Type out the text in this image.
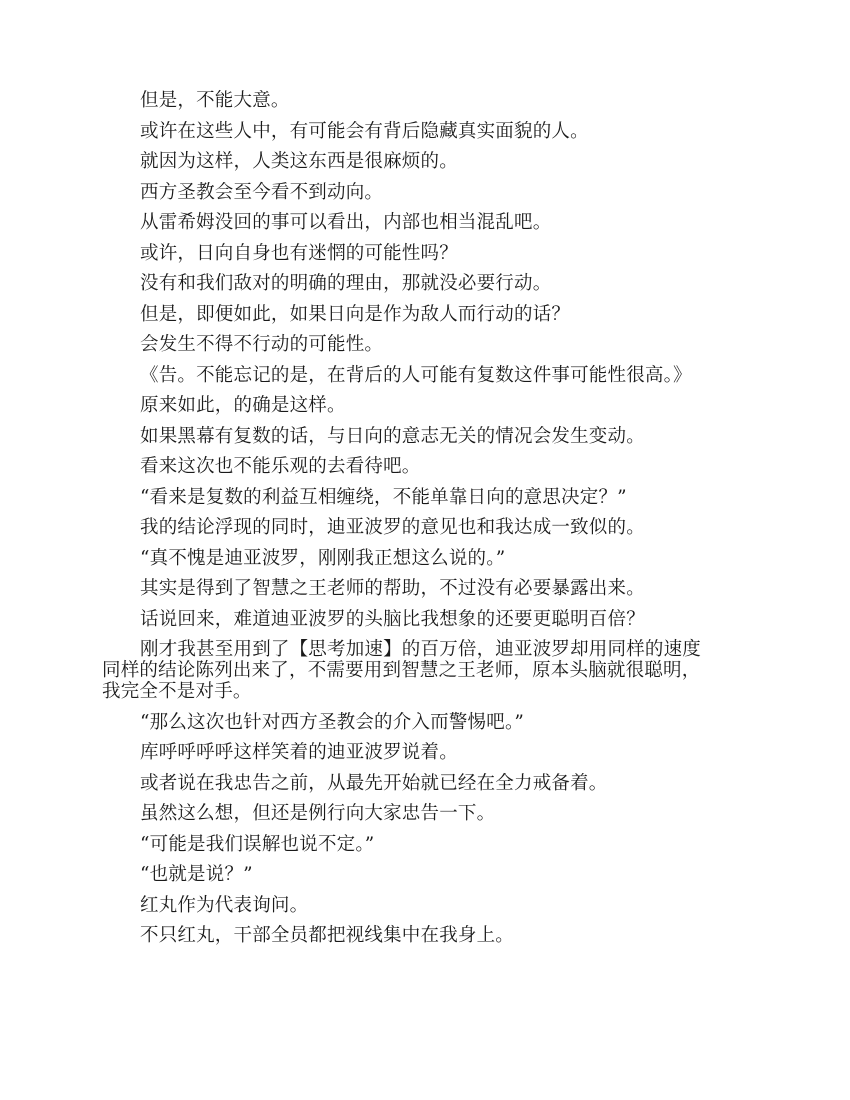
但是，不能大意。

或许在这些人中，有可能会有背后隐藏真实面貌的人。

就因为这样，人类这东西是很麻烦的。

西方圣教会至今看不到动向。

从雷希姆没回的事可以看出，内部也相当混乱吧。

或许，日向自身也有迷惘的可能性吗？

没有和我们敌对的明确的理由，那就没必要行动。

但是，即便如此，如果日向是作为敌人而行动的话？

会发生不得不行动的可能性。

《告。不能忘记的是，在背后的人可能有复数这件事可能性很高。》

原来如此，的确是这样。

如果黑幕有复数的话，与日向的意志无关的情况会发生变动。

看来这次也不能乐观的去看待吧。

“看来是复数的利益互相缠绕，不能单靠日向的意思决定？”

我的结论浮现的同时，迪亚波罗的意见也和我达成一致似的。

“真不愧是迪亚波罗，刚刚我正想这么说的。”

其实是得到了智慧之王老师的帮助，不过没有必要暴露出来。

话说回来，难道迪亚波罗的头脑比我想象的还要更聪明百倍？

刚才我甚至用到了【思考加速】的百万倍，迪亚波罗却用同样的速度同样的结论陈列出来了，不需要用到智慧之王老师，原本头脑就很聪明，我完全不是对手。

“那么这次也针对西方圣教会的介入而警惕吧。”

库呼呼呼呼这样笑着的迪亚波罗说着。

或者说在我忠告之前，从最先开始就已经在全力戒备着。

虽然这么想，但还是例行向大家忠告一下。

“可能是我们误解也说不定。”

“也就是说？”

红丸作为代表询问。

不只红丸，干部全员都把视线集中在我身上。
